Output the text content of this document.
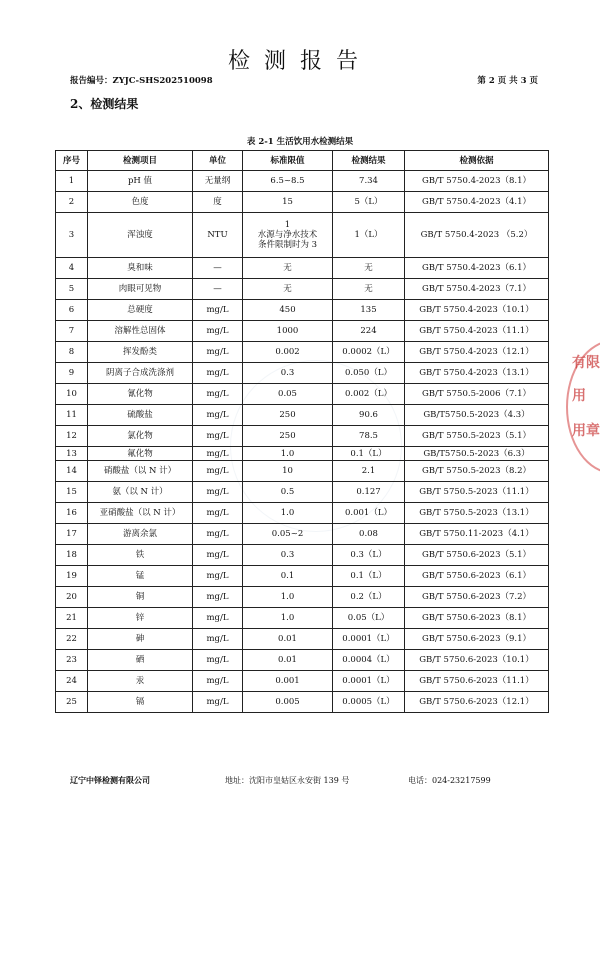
检测报告
报告编号：ZYJC-SHS202510098	第 2 页 共 3 页
2、检测结果
表 2-1 生活饮用水检测结果
序号	检测项目	单位	标准限值	检测结果	检测依据
1	pH 值	无量纲	6.5~8.5	7.34	GB/T 5750.4-2023（8.1）
2	色度	度	15	5（L）	GB/T 5750.4-2023（4.1）
3	浑浊度	NTU	1
水源与净水技术
条件限制时为 3	1（L）	GB/T 5750.4-2023 （5.2）
4	臭和味	—	无	无	GB/T 5750.4-2023（6.1）
5	肉眼可见物	—	无	无	GB/T 5750.4-2023（7.1）
6	总硬度	mg/L	450	135	GB/T 5750.4-2023（10.1）
7	溶解性总固体	mg/L	1000	224	GB/T 5750.4-2023（11.1）
8	挥发酚类	mg/L	0.002	0.0002（L）	GB/T 5750.4-2023（12.1）
9	阴离子合成洗涤剂	mg/L	0.3	0.050（L）	GB/T 5750.4-2023（13.1）
10	氰化物	mg/L	0.05	0.002（L）	GB/T 5750.5-2006（7.1）
11	硫酸盐	mg/L	250	90.6	GB/T5750.5-2023（4.3）
12	氯化物	mg/L	250	78.5	GB/T 5750.5-2023（5.1）
13	氟化物	mg/L	1.0	0.1（L）	GB/T5750.5-2023（6.3）
14	硝酸盐（以 N 计）	mg/L	10	2.1	GB/T 5750.5-2023（8.2）
15	氨（以 N 计）	mg/L	0.5	0.127	GB/T 5750.5-2023（11.1）
16	亚硝酸盐（以 N 计）	mg/L	1.0	0.001（L）	GB/T 5750.5-2023（13.1）
17	游离余氯	mg/L	0.05~2	0.08	GB/T 5750.11-2023（4.1）
18	铁	mg/L	0.3	0.3（L）	GB/T 5750.6-2023（5.1）
19	锰	mg/L	0.1	0.1（L）	GB/T 5750.6-2023（6.1）
20	铜	mg/L	1.0	0.2（L）	GB/T 5750.6-2023（7.2）
21	锌	mg/L	1.0	0.05（L）	GB/T 5750.6-2023（8.1）
22	砷	mg/L	0.01	0.0001（L）	GB/T 5750.6-2023（9.1）
23	硒	mg/L	0.01	0.0004（L）	GB/T 5750.6-2023（10.1）
24	汞	mg/L	0.001	0.0001（L）	GB/T 5750.6-2023（11.1）
25	镉	mg/L	0.005	0.0005（L）	GB/T 5750.6-2023（12.1）
辽宁中铎检测有限公司	地址：沈阳市皇姑区永安街 139 号	电话：024-23217599
有限
用
用章
